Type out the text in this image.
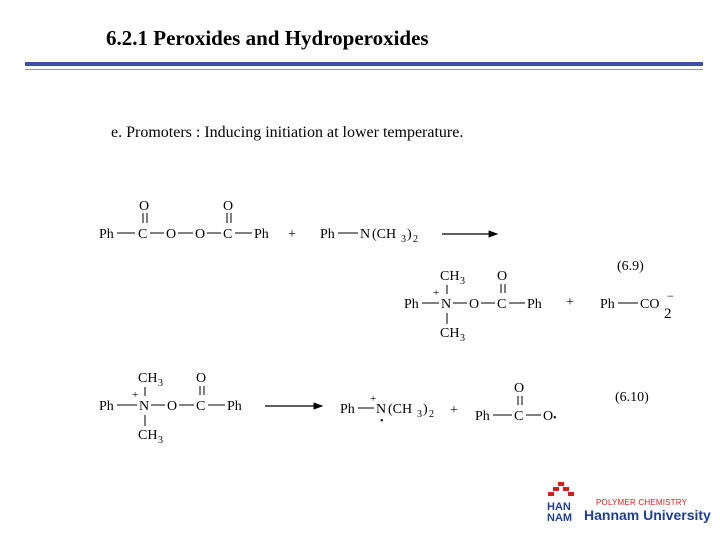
6.2.1 Peroxides and Hydroperoxides
e. Promoters : Inducing initiation at lower temperature.
Ph C
O
O O C
O
Ph + Ph N (CH 3 ) 2
(6.9)
CH 3
+
Ph N O C
O
Ph
CH 3
+ Ph CO
2
−
(6.10)
CH 3
+
Ph N O C
O
Ph
CH 3
Ph
+
N
•
(CH 3 ) 2 + Ph C
O
O •
HAN
NAM
POLYMER CHEMISTRY
Hannam University
